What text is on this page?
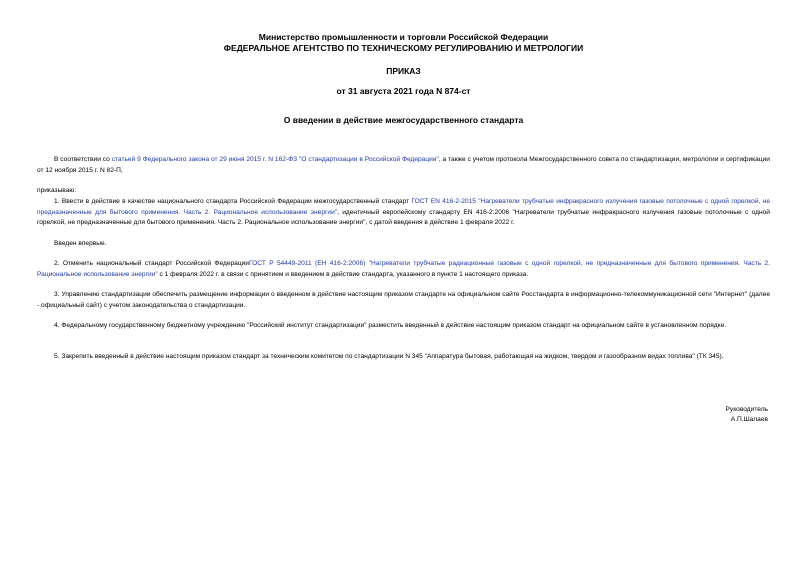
Министерство промышленности и торговли Российской Федерации
ФЕДЕРАЛЬНОЕ АГЕНТСТВО ПО ТЕХНИЧЕСКОМУ РЕГУЛИРОВАНИЮ И МЕТРОЛОГИИ
ПРИКАЗ
от 31 августа 2021 года N 874-ст
О введении в действие межгосударственного стандарта
В соответствии со статьей 9 Федерального закона от 29 июня 2015 г. N 162-ФЗ "О стандартизации в Российской Федерации", а также с учетом протокола Межгосударственного совета по стандартизации, метрологии и сертификации от 12 ноября 2015 г. N 82-П,
приказываю:
1. Ввести в действие в качестве национального стандарта Российской Федерации межгосударственный стандарт ГОСТ EN 416-2-2015 "Нагреватели трубчатые инфракрасного излучения газовые потолочные с одной горелкой, не предназначенные для бытового применения. Часть 2. Рациональное использование энергии", идентичный европейскому стандарту EN 416-2:2006 "Нагреватели трубчатые инфракрасного излучения газовые потолочные с одной горелкой, не предназначенные для бытового применения. Часть 2. Рациональное использование энергии", с датой введения в действие 1 февраля 2022 г.
Введен впервые.
2. Отменить национальный стандарт Российской ФедерацииГОСТ Р 54449-2011 (ЕН 416-2:2006) "Нагреватели трубчатые радиационные газовые с одной горелкой, не предназначенные для бытового применения. Часть 2. Рациональное использование энергии" с 1 февраля 2022 г. в связи с принятием и введением в действие стандарта, указанного в пункте 1 настоящего приказа.
3. Управлению стандартизации обеспечить размещение информации о введенном в действие настоящим приказом стандарте на официальном сайте Росстандарта в информационно-телекоммуникационной сети "Интернет" (далее - официальный сайт) с учетом законодательства о стандартизации.
4. Федеральному государственному бюджетному учреждению "Российский институт стандартизации" разместить введенный в действие настоящим приказом стандарт на официальном сайте в установленном порядке.
5. Закрепить введенный в действие настоящим приказом стандарт за техническим комитетом по стандартизации N 345 "Аппаратура бытовая, работающая на жидком, твердом и газообразном видах топлива" (ТК 345).
Руководитель
А.П.Шалаев
